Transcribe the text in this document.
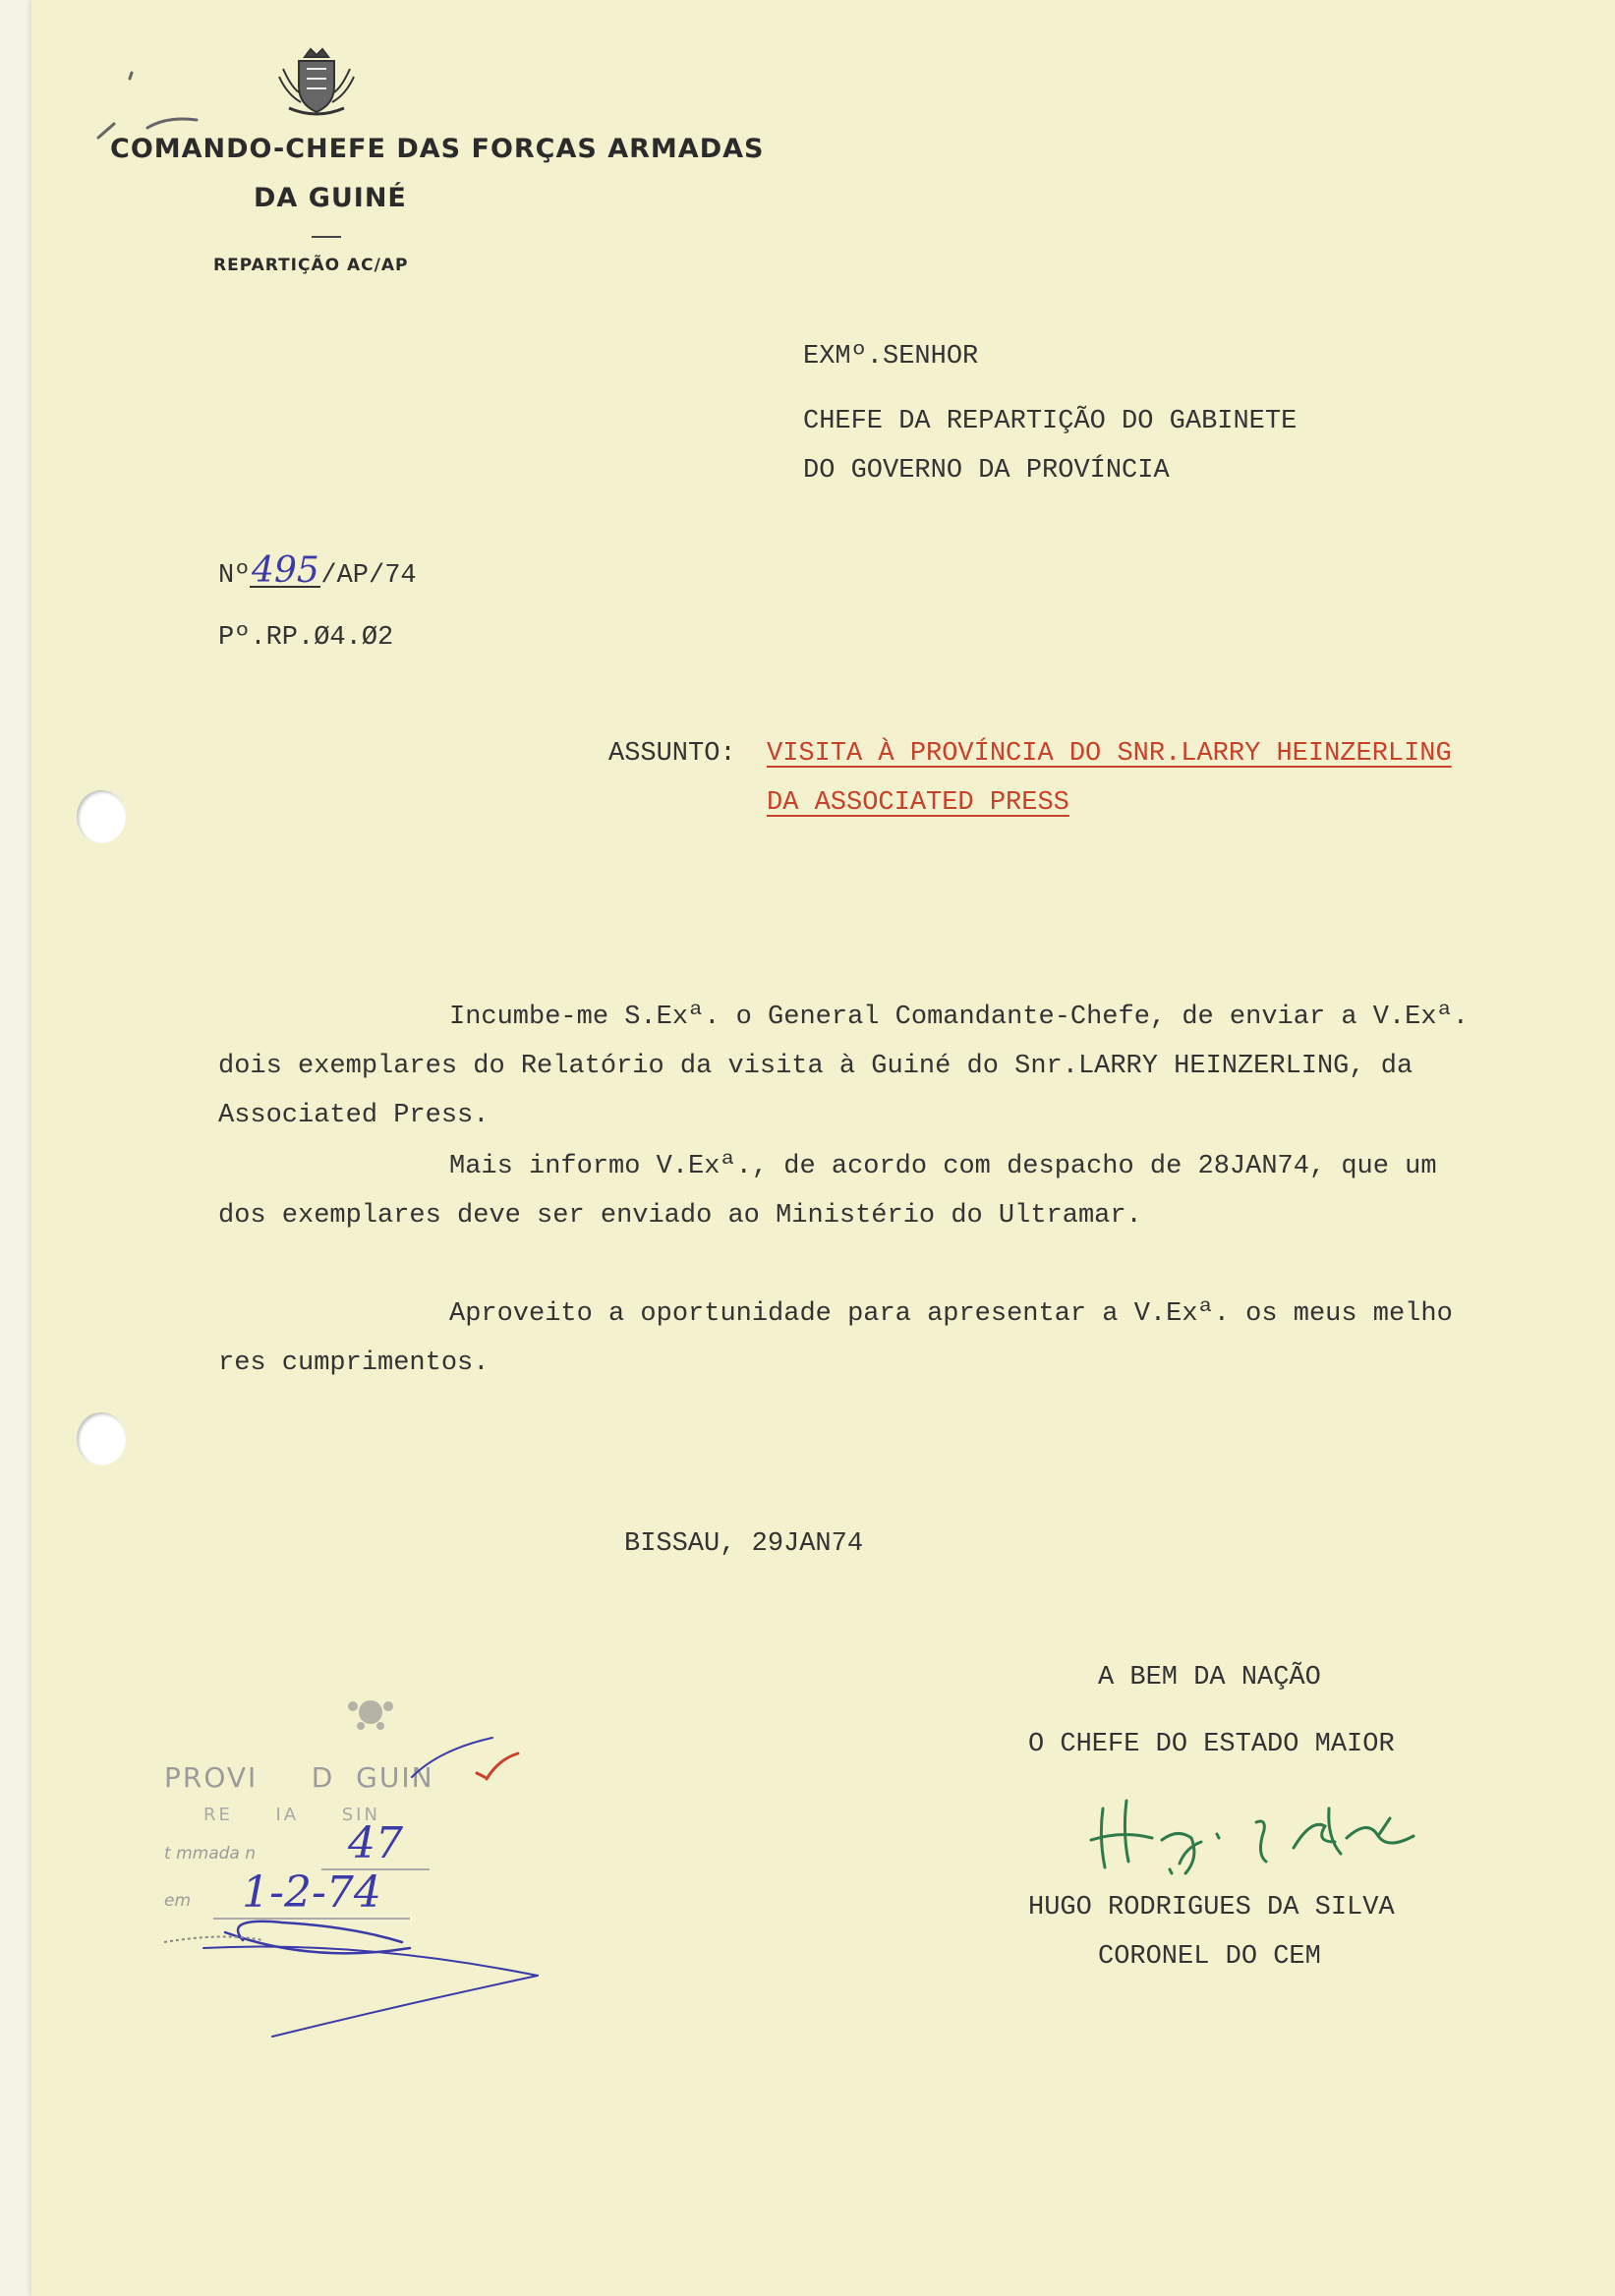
COMANDO-CHEFE DAS FORÇAS ARMADAS
DA GUINÉ
REPARTIÇÃO AC/AP
EXMº.SENHOR
CHEFE DA REPARTIÇÃO DO GABINETE
DO GOVERNO DA PROVÍNCIA
Nº495/AP/74
Pº.RP.Ø4.Ø2
ASSUNTO: VISITA À PROVÍNCIA DO SNR.LARRY HEINZERLING
DA ASSOCIATED PRESS
Incumbe-me S.Exª. o General Comandante-Chefe, de enviar a V.Exª.
dois exemplares do Relatório da visita à Guiné do Snr.LARRY HEINZERLING, da
Associated Press.
Mais informo V.Exª., de acordo com despacho de 28JAN74, que um
dos exemplares deve ser enviado ao Ministério do Ultramar.
Aproveito a oportunidade para apresentar a V.Exª. os meus melho
res cumprimentos.
BISSAU, 29JAN74
A BEM DA NAÇÃO
O CHEFE DO ESTADO MAIOR
HUGO RODRIGUES DA SILVA
CORONEL DO CEM
PROVI     D  GUIN
RE     IA     SIN
t mmada n	47
em	1-2-74
